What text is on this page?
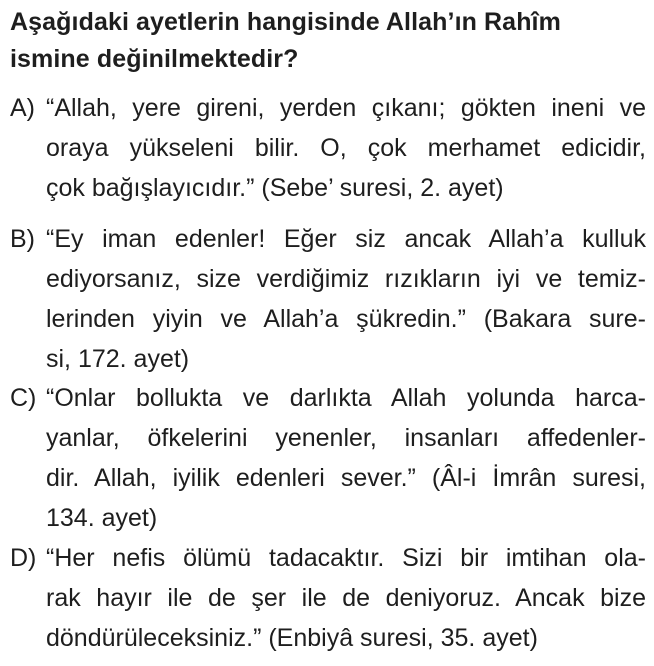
Aşağıdaki ayetlerin hangisinde Allah’ın Rahîm
ismine değinilmektedir?
A) “Allah, yere gireni, yerden çıkanı; gökten ineni ve
oraya yükseleni bilir. O, çok merhamet edicidir,
çok bağışlayıcıdır.” (Sebe’ suresi, 2. ayet)
B) “Ey iman edenler! Eğer siz ancak Allah’a kulluk
ediyorsanız, size verdiğimiz rızıkların iyi ve temiz-
lerinden yiyin ve Allah’a şükredin.” (Bakara sure-
si, 172. ayet)
C) “Onlar bollukta ve darlıkta Allah yolunda harca-
yanlar, öfkelerini yenenler, insanları affedenler-
dir. Allah, iyilik edenleri sever.” (Âl-i İmrân suresi,
134. ayet)
D) “Her nefis ölümü tadacaktır. Sizi bir imtihan ola-
rak hayır ile de şer ile de deniyoruz. Ancak bize
döndürüleceksiniz.” (Enbiyâ suresi, 35. ayet)
